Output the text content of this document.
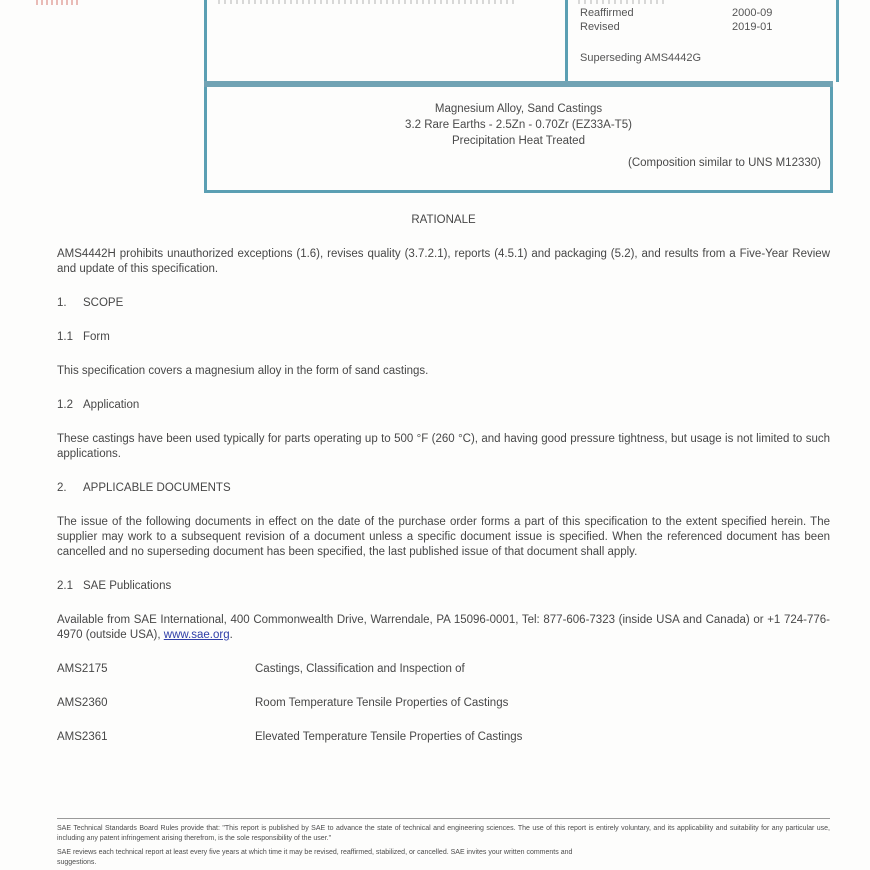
Reaffirmed	2000-09
Revised	2019-01
Superseding AMS4442G
Magnesium Alloy, Sand Castings
3.2 Rare Earths - 2.5Zn - 0.70Zr (EZ33A-T5)
Precipitation Heat Treated
(Composition similar to UNS M12330)
RATIONALE

AMS4442H prohibits unauthorized exceptions (1.6), revises quality (3.7.2.1), reports (4.5.1) and packaging (5.2), and results from a Five-Year Review and update of this specification.

1. SCOPE
1.1 Form

This specification covers a magnesium alloy in the form of sand castings.

1.2 Application

These castings have been used typically for parts operating up to 500 °F (260 °C), and having good pressure tightness, but usage is not limited to such applications.

2. APPLICABLE DOCUMENTS

The issue of the following documents in effect on the date of the purchase order forms a part of this specification to the extent specified herein. The supplier may work to a subsequent revision of a document unless a specific document issue is specified. When the referenced document has been cancelled and no superseding document has been specified, the last published issue of that document shall apply.

2.1 SAE Publications

Available from SAE International, 400 Commonwealth Drive, Warrendale, PA 15096-0001, Tel: 877-606-7323 (inside USA and Canada) or +1 724-776-4970 (outside USA), www.sae.org.

AMS2175	Castings, Classification and Inspection of
AMS2360	Room Temperature Tensile Properties of Castings
AMS2361	Elevated Temperature Tensile Properties of Castings

SAE Technical Standards Board Rules provide that: "This report is published by SAE to advance the state of technical and engineering sciences. The use of this report is entirely voluntary, and its applicability and suitability for any particular use, including any patent infringement arising therefrom, is the sole responsibility of the user."

SAE reviews each technical report at least every five years at which time it may be revised, reaffirmed, stabilized, or cancelled. SAE invites your written comments and
suggestions.
